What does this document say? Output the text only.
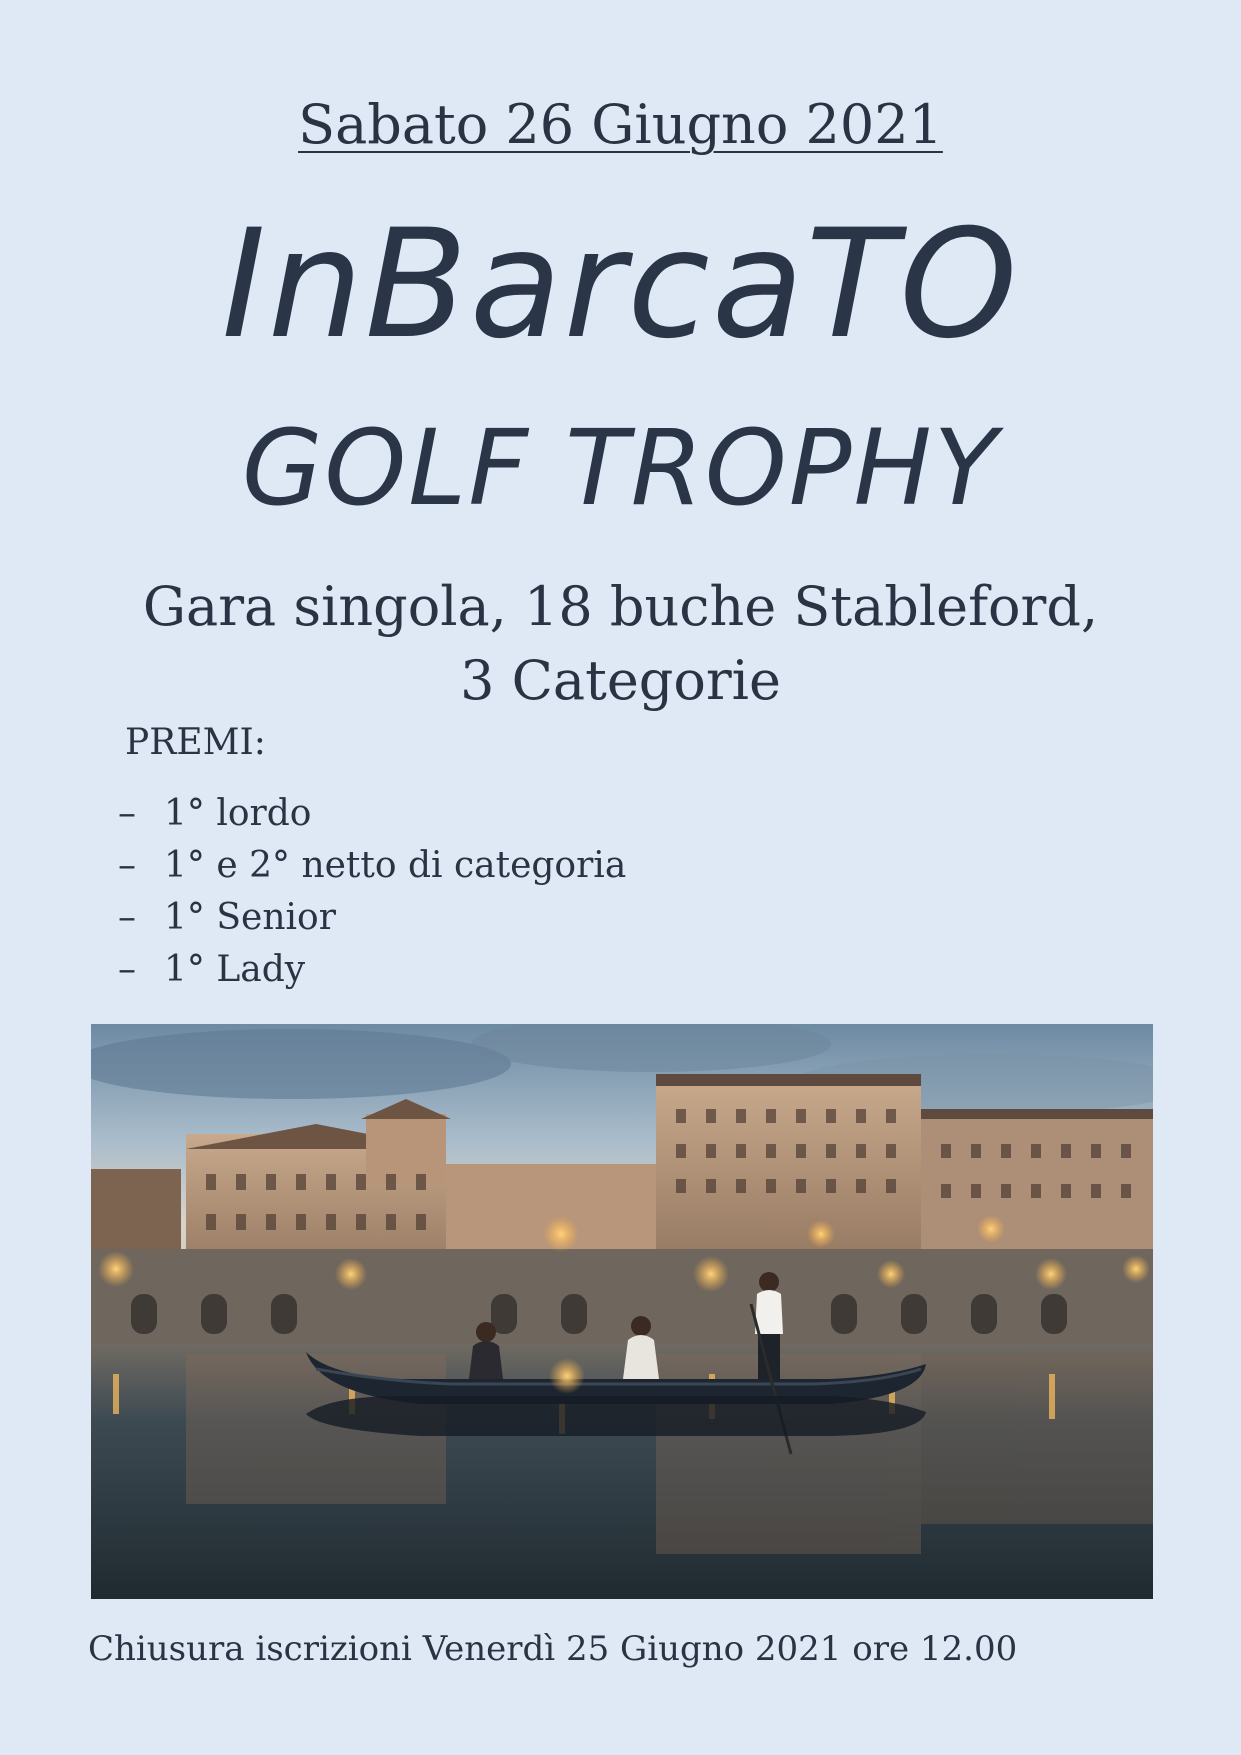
Sabato 26 Giugno 2021
InBarcaTO
GOLF TROPHY
Gara singola, 18 buche Stableford,
3 Categorie
PREMI:
– 1° lordo
– 1° e 2° netto di categoria
– 1° Senior
– 1° Lady
Chiusura iscrizioni Venerdì 25 Giugno 2021 ore 12.00
